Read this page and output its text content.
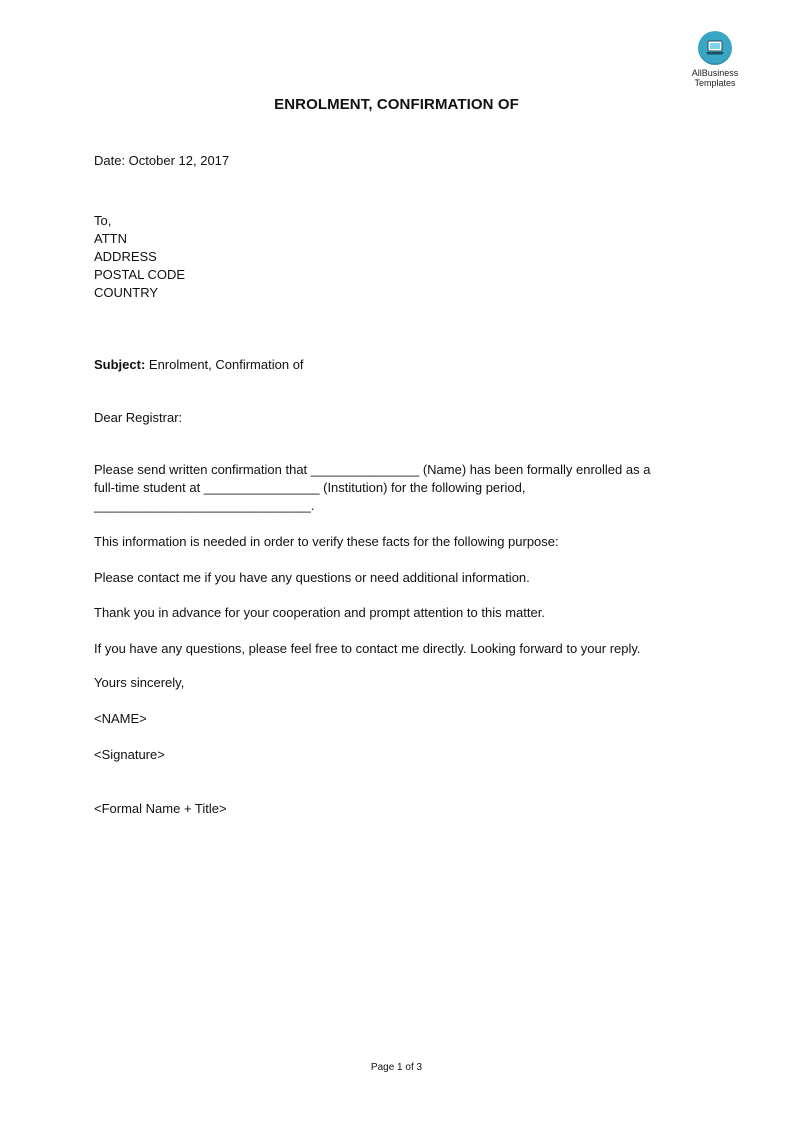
AllBusiness
Templates
ENROLMENT, CONFIRMATION OF
Date: October 12, 2017
To,
ATTN
ADDRESS
POSTAL CODE
COUNTRY
Subject: Enrolment, Confirmation of
Dear Registrar:
Please send written confirmation that _______________ (Name) has been formally enrolled as a
full-time student at ________________ (Institution) for the following period,
______________________________.
This information is needed in order to verify these facts for the following purpose:
Please contact me if you have any questions or need additional information.
Thank you in advance for your cooperation and prompt attention to this matter.
If you have any questions, please feel free to contact me directly. Looking forward to your reply.
Yours sincerely,
<NAME>
<Signature>
<Formal Name + Title>
Page 1 of 3
